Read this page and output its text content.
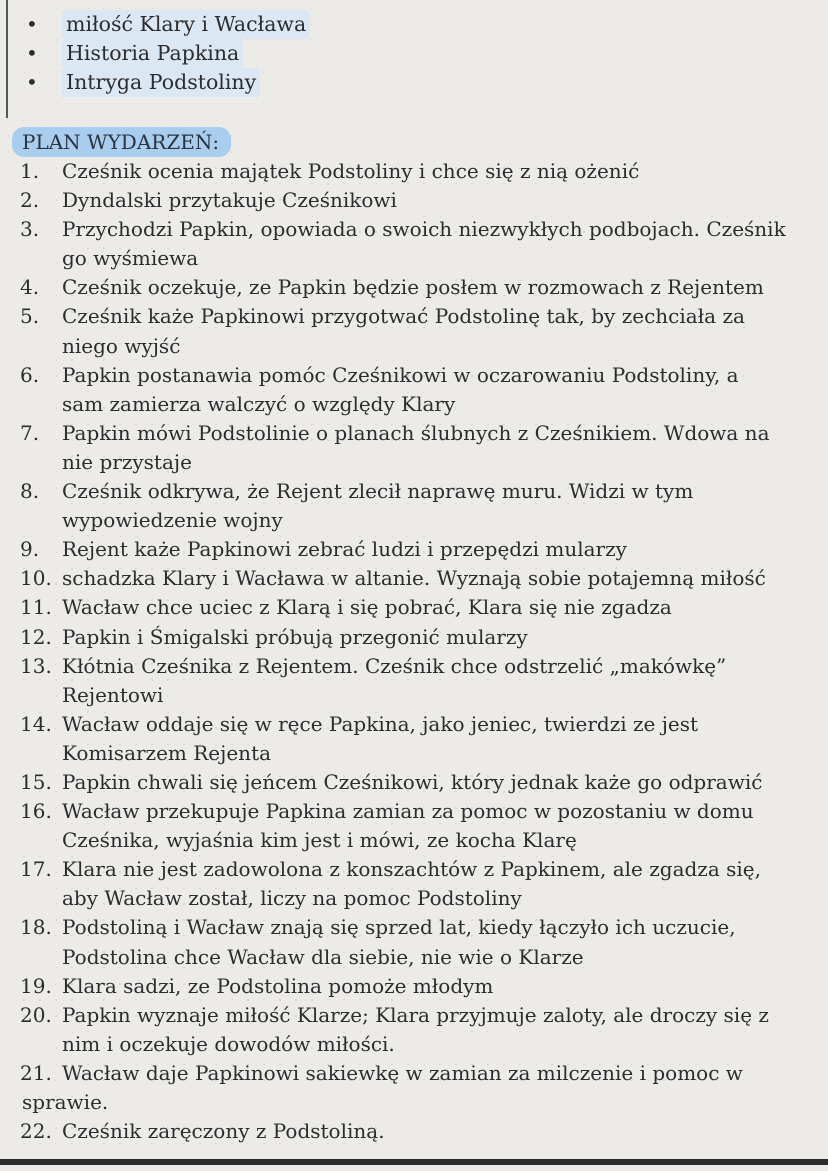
•	miłość Klary i Wacława
•	Historia Papkina
•	Intryga Podstoliny
PLAN WYDARZEŃ:
1.	Cześnik ocenia majątek Podstoliny i chce się z nią ożenić
2.	Dyndalski przytakuje Cześnikowi
3.	Przychodzi Papkin, opowiada o swoich niezwykłych podbojach. Cześnik
go wyśmiewa
4.	Cześnik oczekuje, ze Papkin będzie posłem w rozmowach z Rejentem
5.	Cześnik każe Papkinowi przygotwać Podstolinę tak, by zechciała za
niego wyjść
6.	Papkin postanawia pomóc Cześnikowi w oczarowaniu Podstoliny, a
sam zamierza walczyć o względy Klary
7.	Papkin mówi Podstolinie o planach ślubnych z Cześnikiem. Wdowa na
nie przystaje
8.	Cześnik odkrywa, że Rejent zlecił naprawę muru. Widzi w tym
wypowiedzenie wojny
9.	Rejent każe Papkinowi zebrać ludzi i przepędzi mularzy
10. schadzka Klary i Wacława w altanie. Wyznają sobie potajemną miłość
11. Wacław chce uciec z Klarą i się pobrać, Klara się nie zgadza
12. Papkin i Śmigalski próbują przegonić mularzy
13. Kłótnia Cześnika z Rejentem. Cześnik chce odstrzelić „makówkę”
Rejentowi
14. Wacław oddaje się w ręce Papkina, jako jeniec, twierdzi ze jest
Komisarzem Rejenta
15. Papkin chwali się jeńcem Cześnikowi, który jednak każe go odprawić
16. Wacław przekupuje Papkina zamian za pomoc w pozostaniu w domu
Cześnika, wyjaśnia kim jest i mówi, ze kocha Klarę
17. Klara nie jest zadowolona z konszachtów z Papkinem, ale zgadza się,
aby Wacław został, liczy na pomoc Podstoliny
18. Podstoliną i Wacław znają się sprzed lat, kiedy łączyło ich uczucie,
Podstolina chce Wacław dla siebie, nie wie o Klarze
19. Klara sadzi, ze Podstolina pomoże młodym
20. Papkin wyznaje miłość Klarze; Klara przyjmuje zaloty, ale droczy się z
nim i oczekuje dowodów miłości.
21. Wacław daje Papkinowi sakiewkę w zamian za milczenie i pomoc w
sprawie.
22. Cześnik zaręczony z Podstoliną.
